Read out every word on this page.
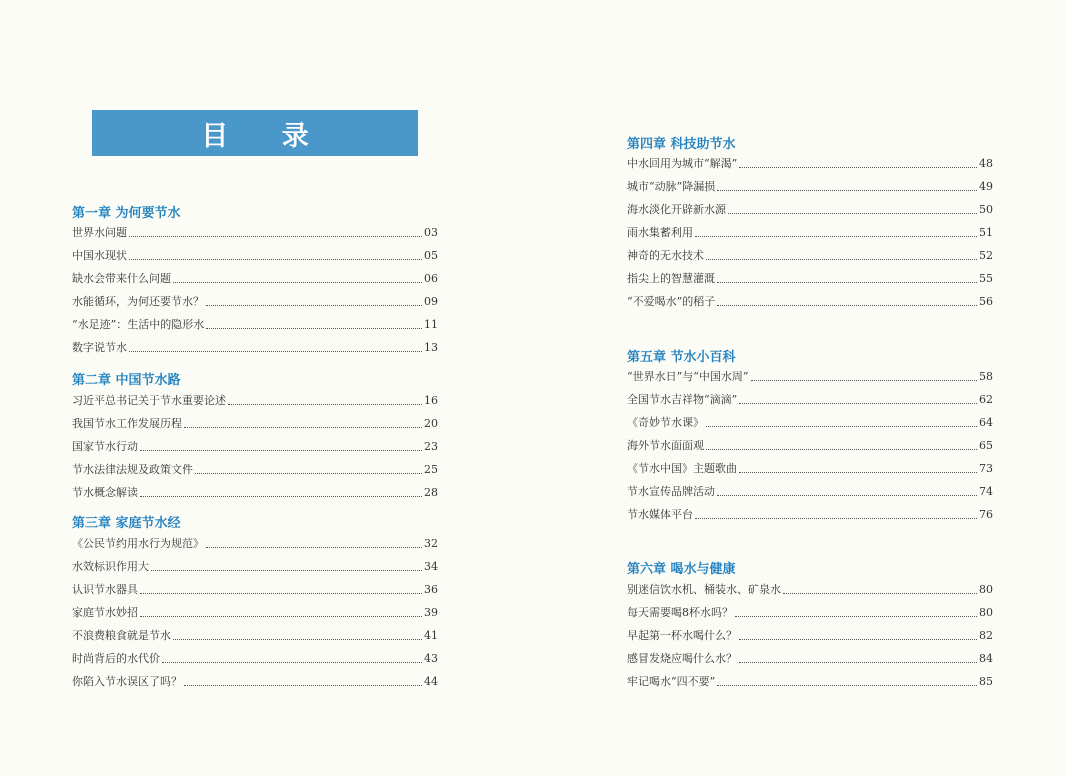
目 录
第一章 为何要节水
世界水问题	03
中国水现状	05
缺水会带来什么问题	06
水能循环，为何还要节水？	09
“水足迹”：生活中的隐形水	11
数字说节水	13
第二章 中国节水路
习近平总书记关于节水重要论述	16
我国节水工作发展历程	20
国家节水行动	23
节水法律法规及政策文件	25
节水概念解读	28
第三章 家庭节水经
《公民节约用水行为规范》	32
水效标识作用大	34
认识节水器具	36
家庭节水妙招	39
不浪费粮食就是节水	41
时尚背后的水代价	43
你陷入节水误区了吗？	44
第四章 科技助节水
中水回用为城市“解渴”	48
城市“动脉”降漏损	49
海水淡化开辟新水源	50
雨水集蓄利用	51
神奇的无水技术	52
指尖上的智慧灌溉	55
“不爱喝水”的稻子	56
第五章 节水小百科
“世界水日”与“中国水周”	58
全国节水吉祥物“滴滴”	62
《奇妙节水课》	64
海外节水面面观	65
《节水中国》主题歌曲	73
节水宣传品牌活动	74
节水媒体平台	76
第六章 喝水与健康
别迷信饮水机、桶装水、矿泉水	80
每天需要喝8杯水吗？	80
早起第一杯水喝什么？	82
感冒发烧应喝什么水？	84
牢记喝水“四不要”	85
